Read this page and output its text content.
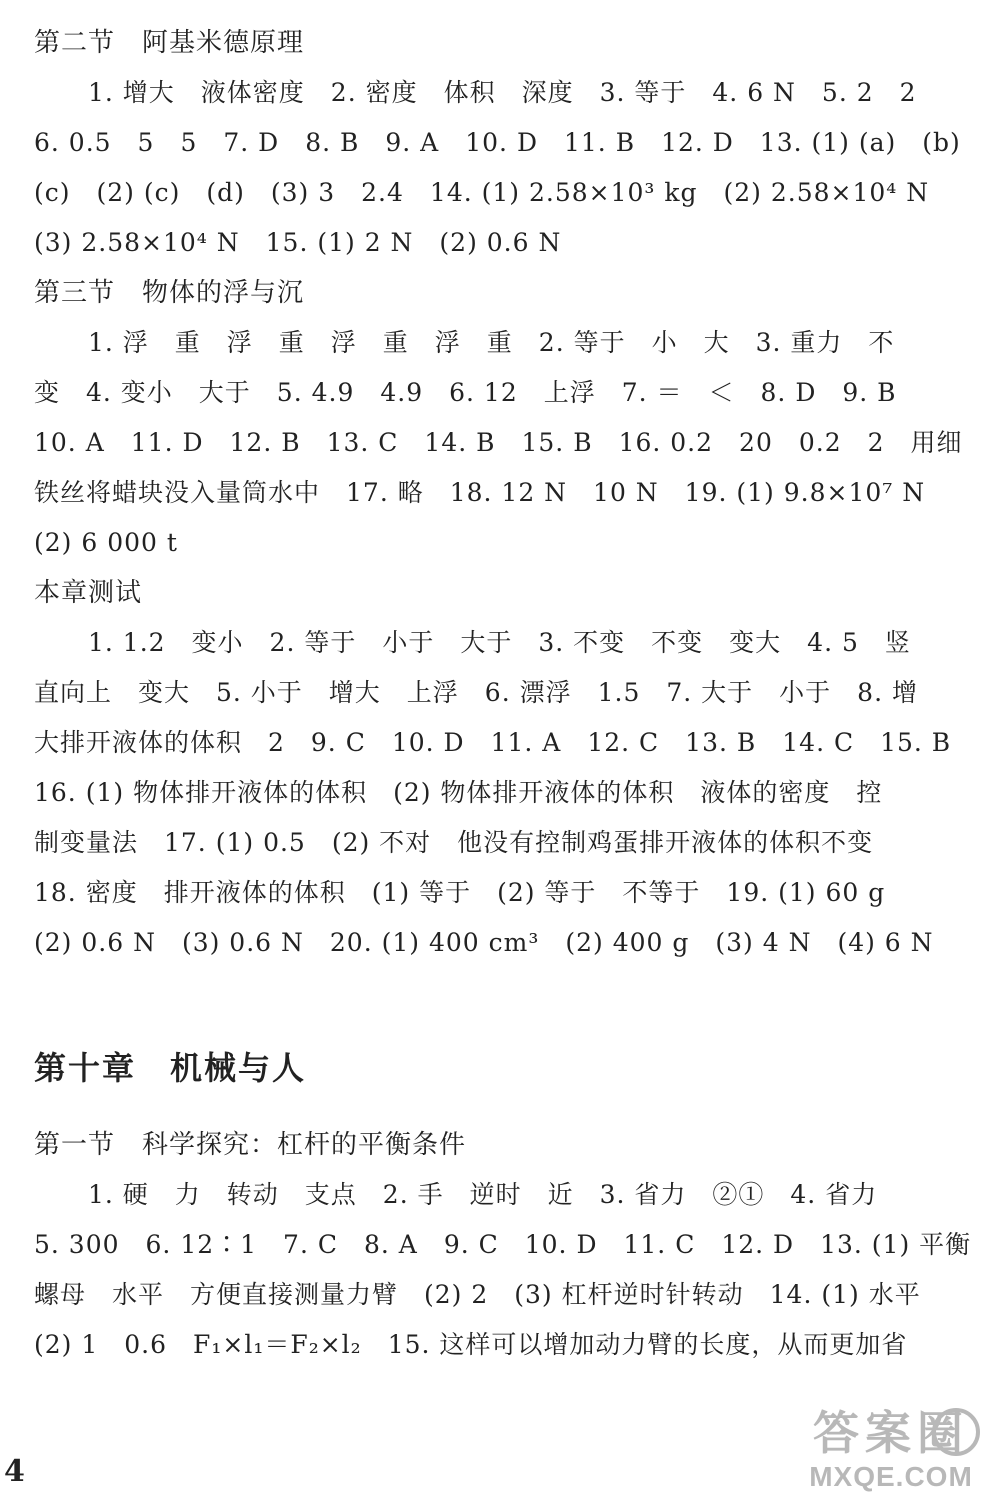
第二节　阿基米德原理
1. 增大　液体密度　2. 密度　体积　深度　3. 等于　4. 6 N　5. 2　2
6. 0.5　5　5　7. D　8. B　9. A　10. D　11. B　12. D　13. (1) (a)　(b)
(c)　(2) (c)　(d)　(3) 3　2.4　14. (1) 2.58×10³ kg　(2) 2.58×10⁴ N
(3) 2.58×10⁴ N　15. (1) 2 N　(2) 0.6 N
第三节　物体的浮与沉
1. 浮　重　浮　重　浮　重　浮　重　2. 等于　小　大　3. 重力　不
变　4. 变小　大于　5. 4.9　4.9　6. 12　上浮　7. ＝　＜　8. D　9. B
10. A　11. D　12. B　13. C　14. B　15. B　16. 0.2　20　0.2　2　用细
铁丝将蜡块没入量筒水中　17. 略　18. 12 N　10 N　19. (1) 9.8×10⁷ N
(2) 6 000 t
本章测试
1. 1.2　变小　2. 等于　小于　大于　3. 不变　不变　变大　4. 5　竖
直向上　变大　5. 小于　增大　上浮　6. 漂浮　1.5　7. 大于　小于　8. 增
大排开液体的体积　2　9. C　10. D　11. A　12. C　13. B　14. C　15. B
16. (1) 物体排开液体的体积　(2) 物体排开液体的体积　液体的密度　控
制变量法　17. (1) 0.5　(2) 不对　他没有控制鸡蛋排开液体的体积不变
18. 密度　排开液体的体积　(1) 等于　(2) 等于　不等于　19. (1) 60 g
(2) 0.6 N　(3) 0.6 N　20. (1) 400 cm³　(2) 400 g　(3) 4 N　(4) 6 N
第十章　机械与人
第一节　科学探究：杠杆的平衡条件
1. 硬　力　转动　支点　2. 手　逆时　近　3. 省力　②①　4. 省力
5. 300　6. 12∶1　7. C　8. A　9. C　10. D　11. C　12. D　13. (1) 平衡
螺母　水平　方便直接测量力臂　(2) 2　(3) 杠杆逆时针转动　14. (1) 水平
(2) 1　0.6　F₁×l₁＝F₂×l₂　15. 这样可以增加动力臂的长度，从而更加省
4
答案圈
MXQE.COM
